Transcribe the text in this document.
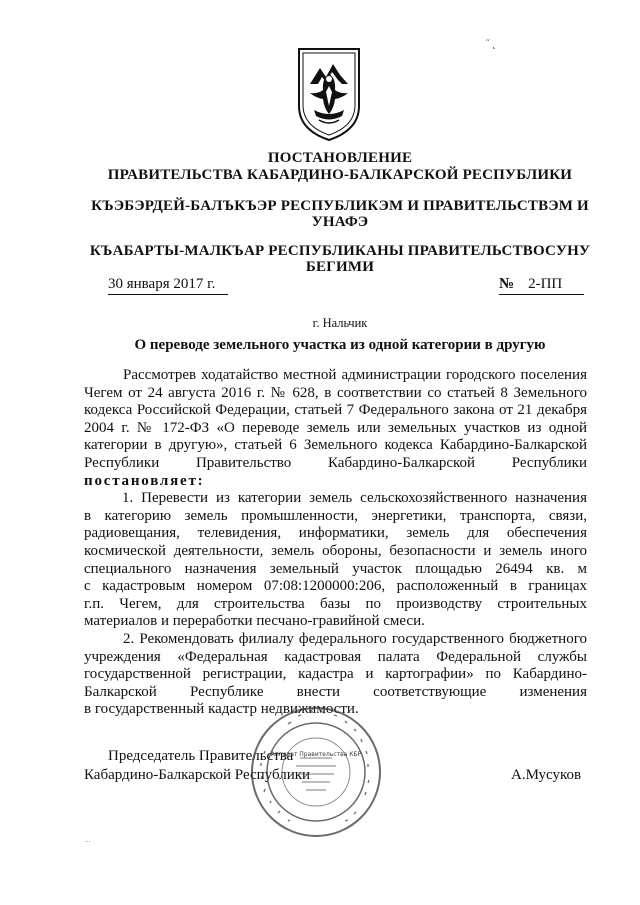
˝ ˛
ПОСТАНОВЛЕНИЕ
ПРАВИТЕЛЬСТВА КАБАРДИНО-БАЛКАРСКОЙ РЕСПУБЛИКИ
КЪЭБЭРДЕЙ-БАЛЪКЪЭР РЕСПУБЛИКЭМ И ПРАВИТЕЛЬСТВЭМ И
УНАФЭ
КЪАБАРТЫ-МАЛКЪАР РЕСПУБЛИКАНЫ ПРАВИТЕЛЬСТВОСУНУ
БЕГИМИ
30 января 2017 г.	№ 2-ПП
г. Нальчик
О переводе земельного участка из одной категории в другую
Рассмотрев ходатайство местной администрации городского поселения
Чегем от 24 августа 2016 г. № 628, в соответствии со статьей 8 Земельного
кодекса Российской Федерации, статьей 7 Федерального закона от 21 декабря
2004 г. № 172-ФЗ «О переводе земель или земельных участков из одной
категории в другую», статьей 6 Земельного кодекса Кабардино-Балкарской
Республики Правительство Кабардино-Балкарской Республики
постановляет:
1. Перевести из категории земель сельскохозяйственного назначения
в категорию земель промышленности, энергетики, транспорта, связи,
радиовещания, телевидения, информатики, земель для обеспечения
космической деятельности, земель обороны, безопасности и земель иного
специального назначения земельный участок площадью 26494 кв. м
с кадастровым номером 07:08:1200000:206, расположенный в границах
г.п. Чегем, для строительства базы по производству строительных
материалов и переработки песчано-гравийной смеси.
2. Рекомендовать филиалу федерального государственного бюджетного
учреждения «Федеральная кадастровая палата Федеральной службы
государственной регистрации, кадастра и картографии» по Кабардино-
Балкарской Республике внести соответствующие изменения
в государственный кадастр недвижимости.
Председатель Правительства
Кабардино-Балкарской Республики	А.Мусуков
Аппарат Правительства КБР
···
